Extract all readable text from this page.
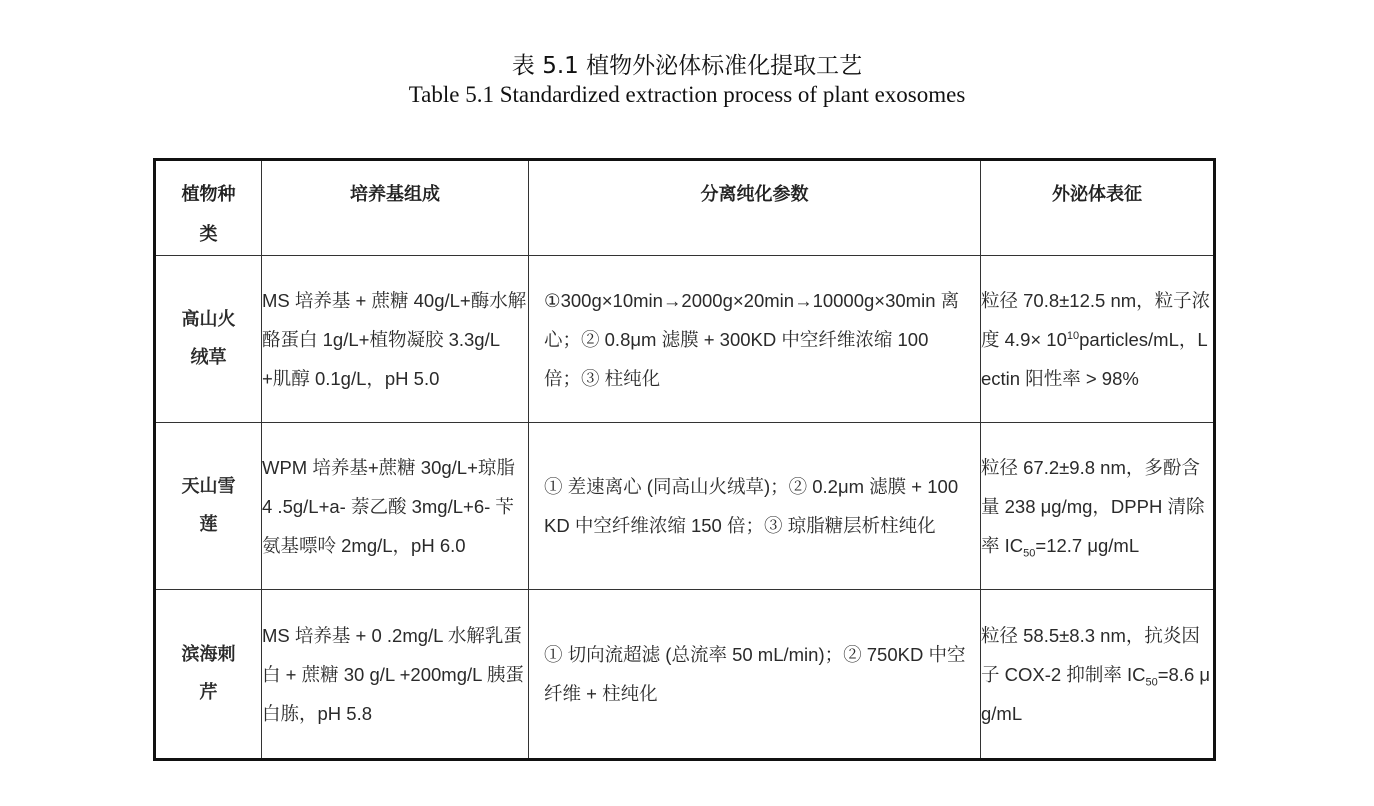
表 5.1 植物外泌体标准化提取工艺
Table 5.1 Standardized extraction process of plant exosomes
植物种类	培养基组成	分离纯化参数	外泌体表征
高山火绒草	MS 培养基 + 蔗糖 40g/L+酶水解酪蛋白 1g/L+植物凝胶 3.3g/L+肌醇 0.1g/L，pH 5.0	①300g×10min→2000g×20min→10000g×30min 离心；② 0.8μm 滤膜 + 300KD 中空纤维浓缩 100 倍；③ 柱纯化	粒径 70.8±12.5 nm，粒子浓度 $4.9\times 10^{10}particles/mL$，Lectin 阳性率 > 98%
天山雪莲	WPM 培养基+蔗糖 30g/L+琼脂 4 .5g/L+a- 萘乙酸 3mg/L+6- 苄氨基嘌呤 2mg/L，pH 6.0	① 差速离心 (同高山火绒草)；② 0.2μm 滤膜 + 100KD 中空纤维浓缩 150 倍；③ 琼脂糖层析柱纯化	粒径 67.2±9.8 nm，多酚含量 238 μg/mg，DPPH 清除率 $IC_{50}=12.7$ μg/mL
滨海刺芹	MS 培养基 + 0 .2mg/L 水解乳蛋白 + 蔗糖 30 g/L +200mg/L 胰蛋白胨，pH 5.8	① 切向流超滤 (总流率 50 mL/min)；② 750KD 中空纤维 + 柱纯化	粒径 58.5±8.3 nm，抗炎因子 COX-2 抑制率 $IC_{50}=8.6$ μg/mL
